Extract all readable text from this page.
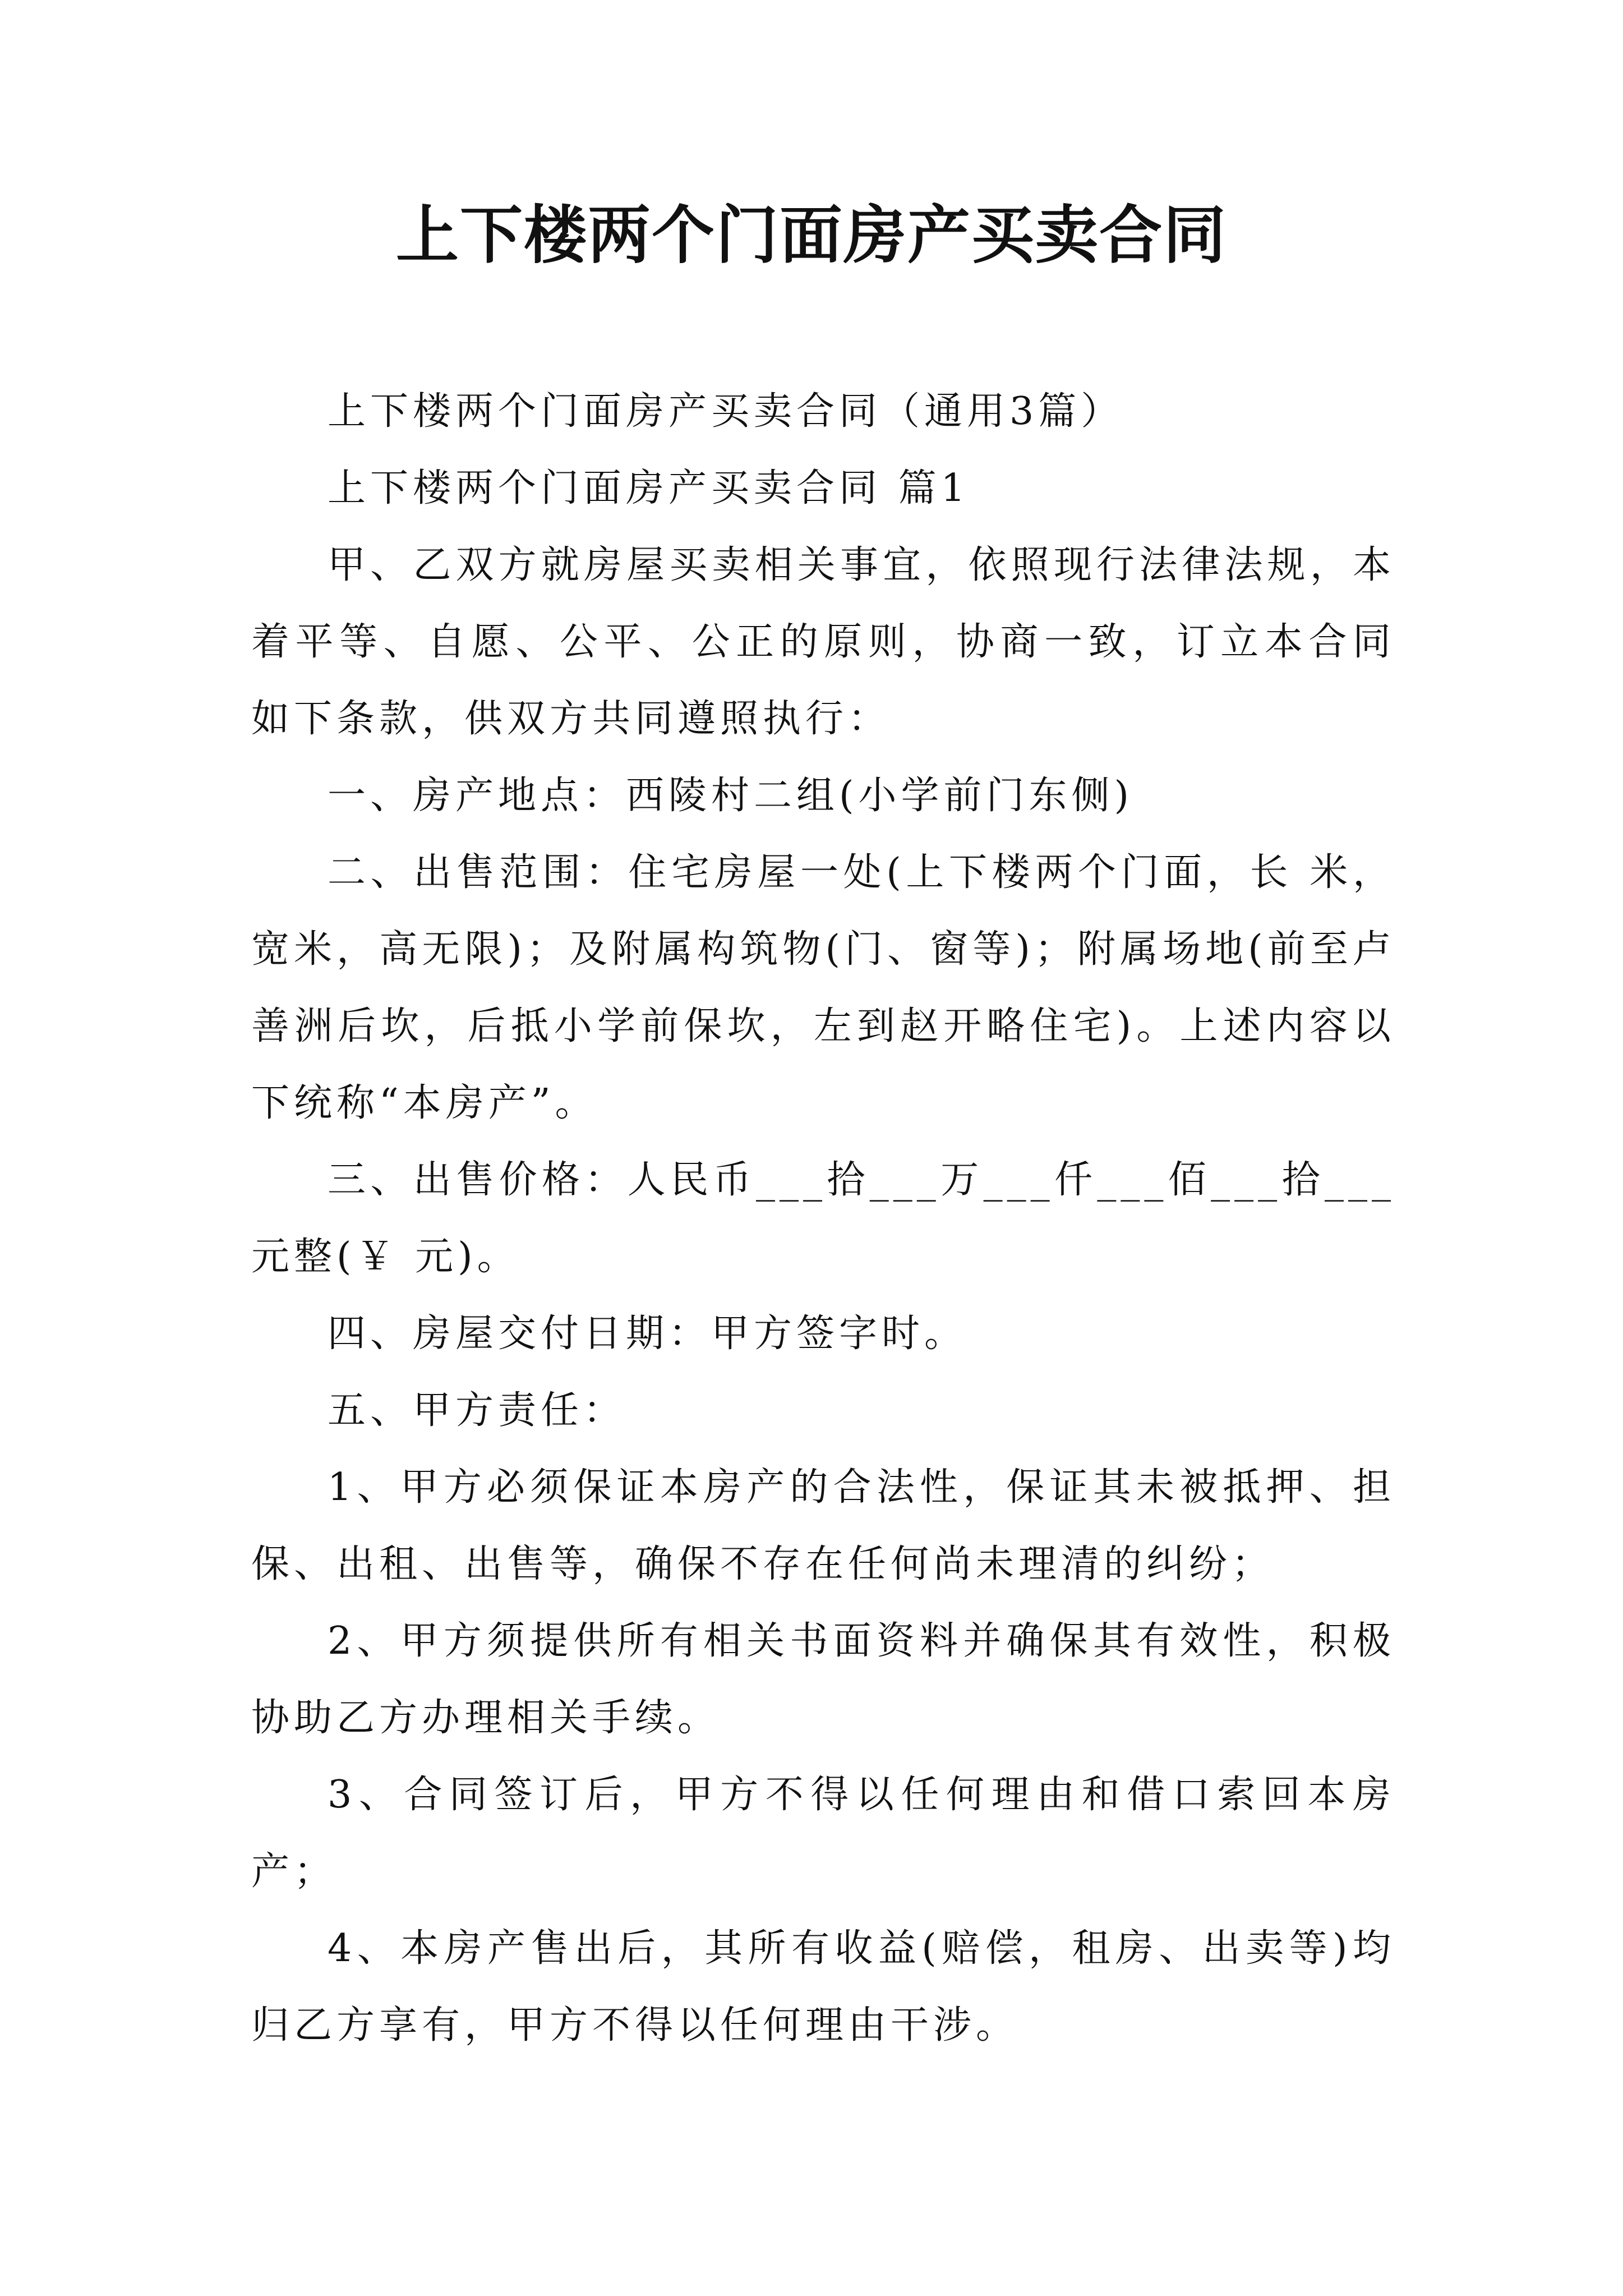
上下楼两个门面房产买卖合同

上下楼两个门面房产买卖合同（通用3篇）

上下楼两个门面房产买卖合同 篇1

甲、乙双方就房屋买卖相关事宜，依照现行法律法规，本着平等、自愿、公平、公正的原则，协商一致，订立本合同如下条款，供双方共同遵照执行：

一、房产地点：西陵村二组(小学前门东侧)

二、出售范围：住宅房屋一处(上下楼两个门面，长 米，宽米，高无限)；及附属构筑物(门、窗等)；附属场地(前至卢善洲后坎，后抵小学前保坎，左到赵开略住宅)。上述内容以下统称“本房产”。

三、出售价格：人民币___拾___万___仟___佰___拾___元整(￥ 元)。

四、房屋交付日期：甲方签字时。

五、甲方责任：

1、甲方必须保证本房产的合法性，保证其未被抵押、担保、出租、出售等，确保不存在任何尚未理清的纠纷；

2、甲方须提供所有相关书面资料并确保其有效性，积极协助乙方办理相关手续。

3、合同签订后，甲方不得以任何理由和借口索回本房产；

4、本房产售出后，其所有收益(赔偿，租房、出卖等)均归乙方享有，甲方不得以任何理由干涉。
